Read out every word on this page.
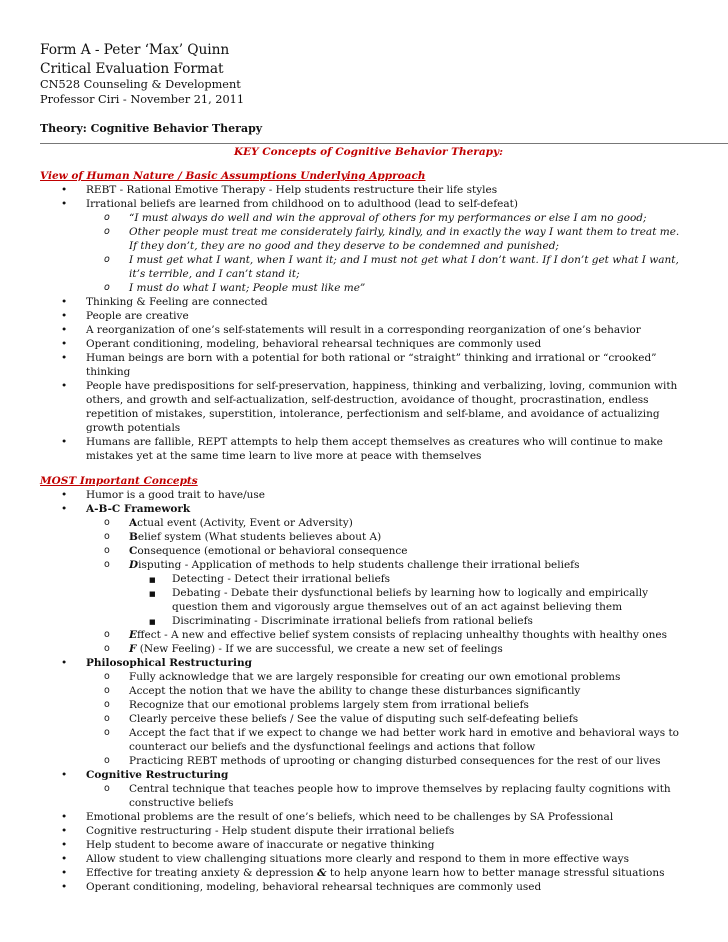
Form A - Peter ‘Max’ Quinn
Critical Evaluation Format
CN528 Counseling & Development
Professor Ciri - November 21, 2011
Theory: Cognitive Behavior Therapy
KEY Concepts of Cognitive Behavior Therapy:
View of Human Nature / Basic Assumptions Underlying Approach
• REBT - Rational Emotive Therapy - Help students restructure their life styles
• Irrational beliefs are learned from childhood on to adulthood (lead to self-defeat)
o “I must always do well and win the approval of others for my performances or else I am no good;
o Other people must treat me considerately fairly, kindly, and in exactly the way I want them to treat me. If they don’t, they are no good and they deserve to be condemned and punished;
o I must get what I want, when I want it; and I must not get what I don’t want. If I don’t get what I want, it’s terrible, and I can’t stand it;
o I must do what I want; People must like me”
• Thinking & Feeling are connected
• People are creative
• A reorganization of one’s self-statements will result in a corresponding reorganization of one’s behavior
• Operant conditioning, modeling, behavioral rehearsal techniques are commonly used
• Human beings are born with a potential for both rational or “straight” thinking and irrational or “crooked” thinking
• People have predispositions for self-preservation, happiness, thinking and verbalizing, loving, communion with others, and growth and self-actualization, self-destruction, avoidance of thought, procrastination, endless repetition of mistakes, superstition, intolerance, perfectionism and self-blame, and avoidance of actualizing growth potentials
• Humans are fallible, REPT attempts to help them accept themselves as creatures who will continue to make mistakes yet at the same time learn to live more at peace with themselves
MOST Important Concepts
• Humor is a good trait to have/use
• A-B-C Framework
o Actual event (Activity, Event or Adversity)
o Belief system (What students believes about A)
o Consequence (emotional or behavioral consequence
o Disputing - Application of methods to help students challenge their irrational beliefs
■ Detecting - Detect their irrational beliefs
■ Debating - Debate their dysfunctional beliefs by learning how to logically and empirically question them and vigorously argue themselves out of an act against believing them
■ Discriminating - Discriminate irrational beliefs from rational beliefs
o Effect - A new and effective belief system consists of replacing unhealthy thoughts with healthy ones
o F (New Feeling) - If we are successful, we create a new set of feelings
• Philosophical Restructuring
o Fully acknowledge that we are largely responsible for creating our own emotional problems
o Accept the notion that we have the ability to change these disturbances significantly
o Recognize that our emotional problems largely stem from irrational beliefs
o Clearly perceive these beliefs / See the value of disputing such self-defeating beliefs
o Accept the fact that if we expect to change we had better work hard in emotive and behavioral ways to counteract our beliefs and the dysfunctional feelings and actions that follow
o Practicing REBT methods of uprooting or changing disturbed consequences for the rest of our lives
• Cognitive Restructuring
o Central technique that teaches people how to improve themselves by replacing faulty cognitions with constructive beliefs
• Emotional problems are the result of one’s beliefs, which need to be challenges by SA Professional
• Cognitive restructuring - Help student dispute their irrational beliefs
• Help student to become aware of inaccurate or negative thinking
• Allow student to view challenging situations more clearly and respond to them in more effective ways
• Effective for treating anxiety & depression & to help anyone learn how to better manage stressful situations
• Operant conditioning, modeling, behavioral rehearsal techniques are commonly used
